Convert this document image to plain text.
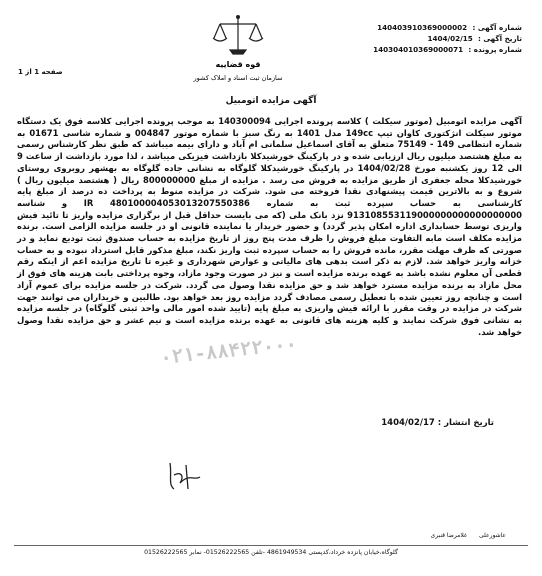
شماره آگهی : 140403910369000002
تاریخ آگهی : 1404/02/15
شماره پرونده : 140304010369000071
قوه قضاییه
سازمان ثبت اسناد و املاک کشور
صفحه 1 از 1
آگهی مزایده اتومبیل

آگهی مزایده اتومبیل (موتور سیکلت ) کلاسه پرونده اجرایی 140300094 به موجب پرونده اجرایی کلاسه فوق یک دستگاه موتور سیکلت انژکتوری کاوان تیپ 149cc مدل 1401 به رنگ سبز با شماره موتور 004847 و شماره شاسی 01671 به شماره انتظامی 149 - 75149 متعلق به آقای اسماعیل سلمانی ام آباد و دارای بیمه میباشد که طبق نظر کارشناس رسمی به مبلغ هشتصد میلیون ریال ارزیابی شده و در پارکینگ خورشیدکلا بازداشت فیزیکی میباشد ، لذا مورد بازداشت از ساعت 9 الی 12 روز یکشنبه مورخ 1404/02/28 در پارکینگ خورشیدکلا گلوگاه به نشانی جاده گلوگاه به بهشهر روبروی روستای خورشیدکلا محله جعفری از طریق مزایده به فروش می رسد . مزایده از مبلغ 800000000 ریال ( هشتصد میلیون ریال ) شروع و به بالاترین قیمت پیشنهادی نقدا فروخته می شود. شرکت در مزایده منوط به پرداخت ده درصد از مبلغ پایه کارشناسی به حساب سپرده ثبت به شماره IR 480100004053013207550386 و شناسه 913108553119000000000000000000 نزد بانک ملی (که می بایست حداقل قبل از برگزاری مزایده واریز تا تائید فیش واریزی توسط حسابداری اداره امکان پذیر گردد) و حضور خریدار یا نماینده قانونی او در جلسه مزایده الزامی است. برنده مزایده مکلف است مابه التفاوت مبلغ فروش را ظرف مدت پنج روز از تاریخ مزایده به حساب صندوق ثبت تودیع نماید و در صورتی که ظرف مهلت مقرر، مانده فروش را به حساب سپرده ثبت واریز نکند، مبلغ مذکور قابل استرداد نبوده و به حساب خزانه واریز خواهد شد. لازم به ذکر است بدهی های مالیاتی و عوارض شهرداری و غیره تا تاریخ مزایده اعم از اینکه رقم قطعی آن معلوم نشده باشد به عهده برنده مزایده است و نیز در صورت وجود مازاد، وجوه پرداختی بابت هزینه های فوق از محل مازاد به برنده مزایده مسترد خواهد شد و حق مزایده نقدا وصول می گردد. شرکت در جلسه مزایده برای عموم آزاد است و چنانچه روز تعیین شده با تعطیل رسمی مصادف گردد مزایده روز بعد خواهد بود. طالبین و خریداران می توانند جهت شرکت در مزایده در وقت مقرر با ارائه فیش واریزی به مبلغ پایه (تایید شده امور مالی واحد ثبتی گلوگاه) در جلسه مزایده به نشانی فوق شرکت نمایند و کلیه هزینه های قانونی به عهده برنده مزایده است و نیم عشر و حق مزایده نقدا وصول خواهد شد.

۰۲۱-۸۸۴۲۲۰۰۰
تاریخ انتشار : 1404/02/17
عاشورعلی غلامرضا قنبری
گلوگاه،خیابان پانزده خرداد،کدپستی 4861949534 -تلفن 01526222565- نمابر 01526222565
